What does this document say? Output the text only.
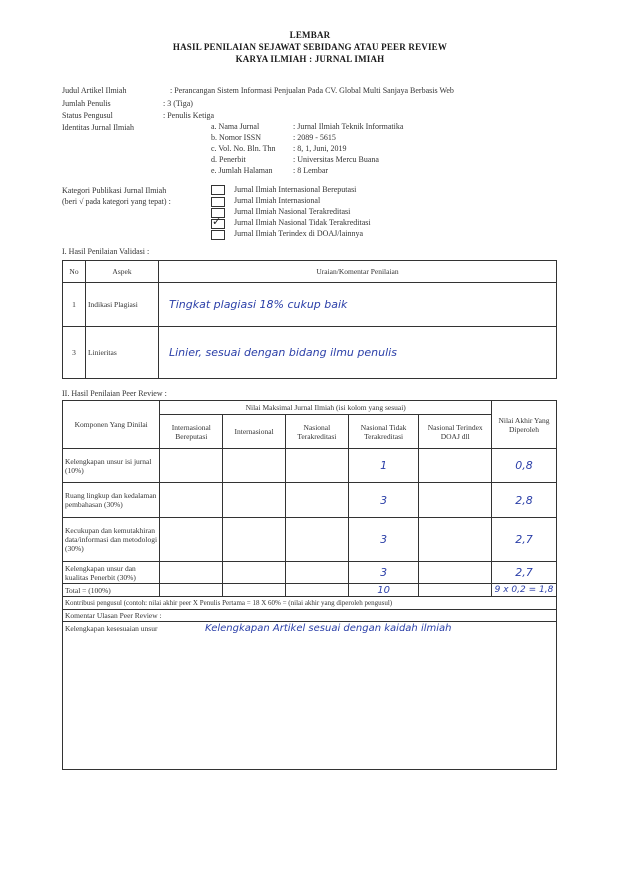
LEMBAR
HASIL PENILAIAN SEJAWAT SEBIDANG ATAU PEER REVIEW
KARYA ILMIAH : JURNAL IMIAH
Judul Artikel Ilmiah	: Perancangan Sistem Informasi Penjualan Pada CV. Global Multi Sanjaya Berbasis Web
Jumlah Penulis	: 3 (Tiga)
Status Pengusul	: Penulis Ketiga
Identitas Jurnal Ilmiah	a. Nama Jurnal	: Jurnal Ilmiah Teknik Informatika
b. Nomor ISSN	: 2089 - 5615
c. Vol. No. Bln. Thn : 8, 1, Juni, 2019
d. Penerbit	: Universitas Mercu Buana
e. Jumlah Halaman	: 8 Lembar
Kategori Publikasi Jurnal Ilmiah
(beri √ pada kategori yang tepat) :
✓
Jurnal Ilmiah Internasional Bereputasi
Jurnal Ilmiah Internasional
Jurnal Ilmiah Nasional Terakreditasi
Jurnal Ilmiah Nasional Tidak Terakreditasi
Jurnal Ilmiah Terindex di DOAJ/lainnya
I. Hasil Penilaian Validasi :
No	Aspek	Uraian/Komentar Penilaian
1	Indikasi Plagiasi	Tingkat plagiasi 18% cukup baik
3	Linieritas	Linier, sesuai dengan bidang ilmu penulis
II. Hasil Penilaian Peer Review :
Komponen Yang Dinilai	Nilai Maksimal Jurnal Ilmiah (isi kolom yang sesuai)					Nilai Akhir Yang Diperoleh
	Internasional Bereputasi	Internasional	Nasional Terakreditasi	Nasional Tidak Terakreditasi	Nasional Terindex DOAJ dll	
Kelengkapan unsur isi jurnal (10%)				1		0,8
Ruang lingkup dan kedalaman pembahasan (30%)				3		2,8
Kecukupan dan kemutakhiran data/informasi dan metodologi (30%)				3		2,7
Kelengkapan unsur dan kualitas Penerbit (30%)				3		2,7
Total = (100%)				10		9 x 0,2 = 1,8
Kontribusi pengusul (contoh: nilai akhir peer X Penulis Pertama = 18 X 60% = (nilai akhir yang diperoleh pengusul)						
Komentar Ulasan Peer Review :						
Kelengkapan kesesuaian unsur Kelengkapan Artikel sesuai dengan kaidah ilmiah						
